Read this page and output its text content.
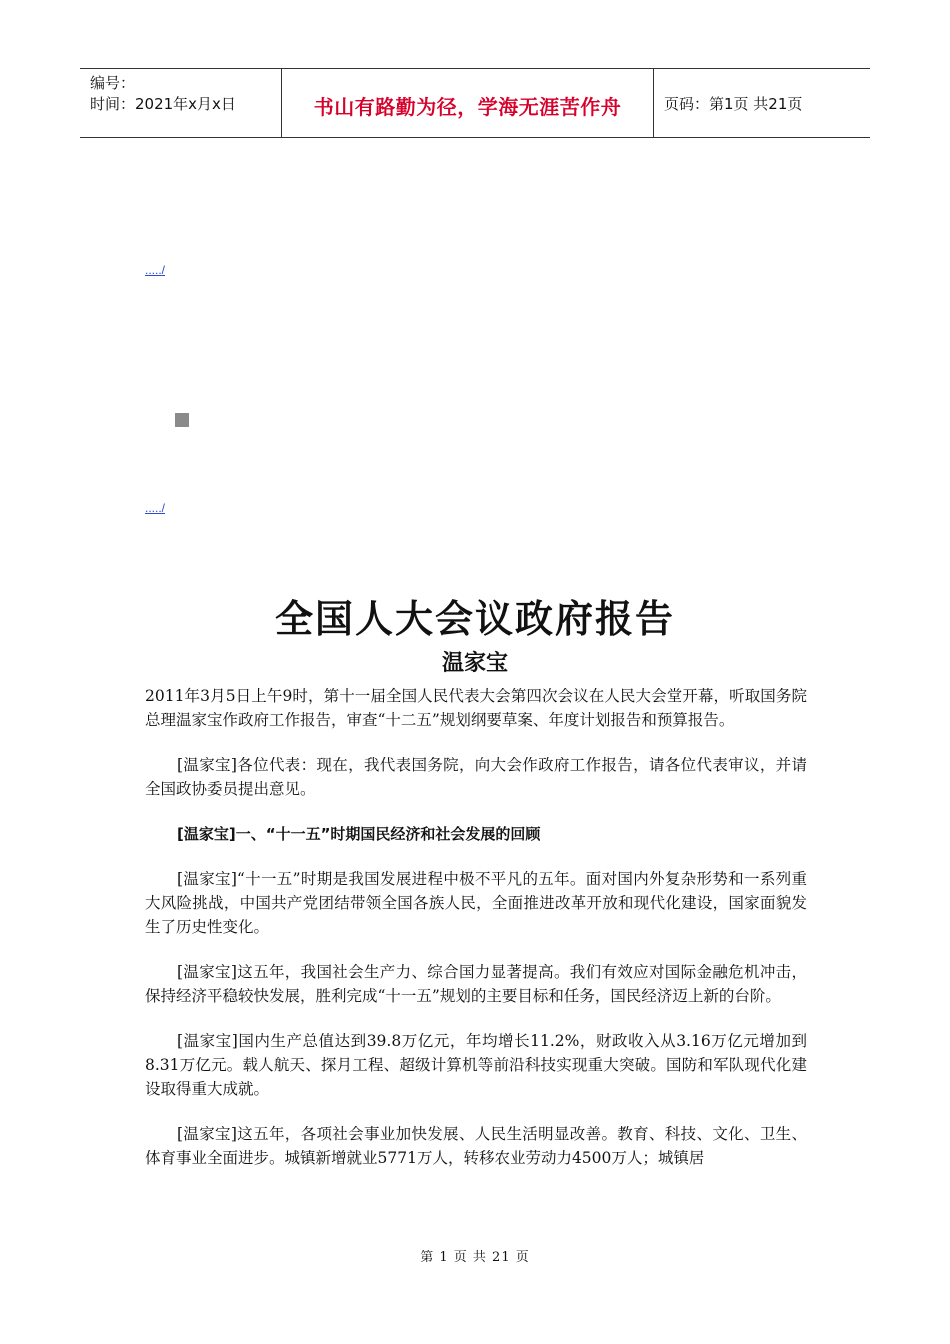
编号：
时间：2021年x月x日	书山有路勤为径，学海无涯苦作舟	页码：第1页 共21页
...../
...../
全国人大会议政府报告
温家宝

2011年3月5日上午9时，第十一届全国人民代表大会第四次会议在人民大会堂开幕，听取国务院总理温家宝作政府工作报告，审查“十二五”规划纲要草案、年度计划报告和预算报告。

[温家宝]各位代表：现在，我代表国务院，向大会作政府工作报告，请各位代表审议，并请全国政协委员提出意见。

[温家宝]一、“十一五”时期国民经济和社会发展的回顾

[温家宝]“十一五”时期是我国发展进程中极不平凡的五年。面对国内外复杂形势和一系列重大风险挑战，中国共产党团结带领全国各族人民，全面推进改革开放和现代化建设，国家面貌发生了历史性变化。

[温家宝]这五年，我国社会生产力、综合国力显著提高。我们有效应对国际金融危机冲击，保持经济平稳较快发展，胜利完成“十一五”规划的主要目标和任务，国民经济迈上新的台阶。

[温家宝]国内生产总值达到39.8万亿元，年均增长11.2%，财政收入从3.16万亿元增加到8.31万亿元。载人航天、探月工程、超级计算机等前沿科技实现重大突破。国防和军队现代化建设取得重大成就。

[温家宝]这五年，各项社会事业加快发展、人民生活明显改善。教育、科技、文化、卫生、体育事业全面进步。城镇新增就业5771万人，转移农业劳动力4500万人；城镇居

第 1 页 共 21 页
